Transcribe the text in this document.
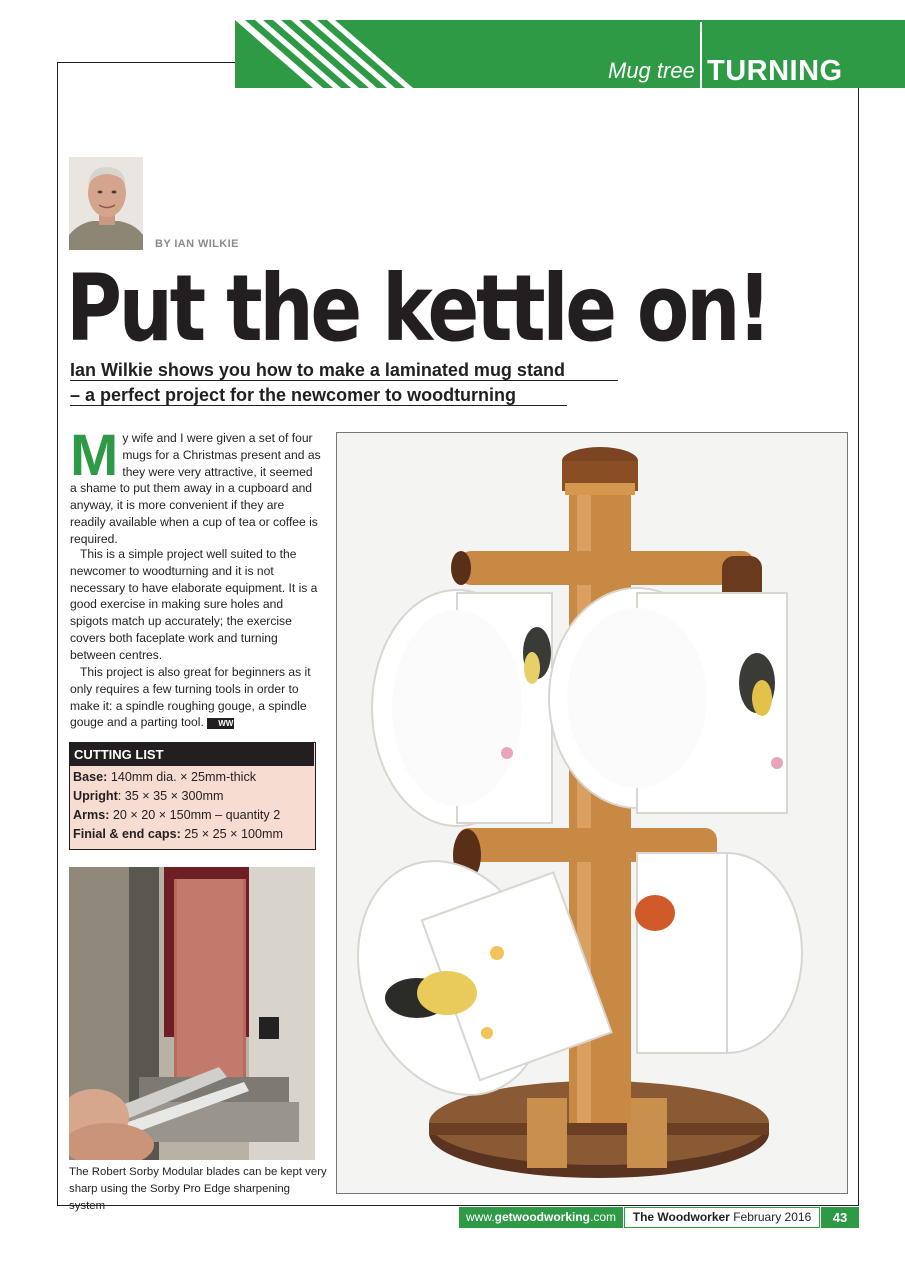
Mug tree TURNING
BY IAN WILKIE
Put the kettle on!
Ian Wilkie shows you how to make a laminated mug stand
– a perfect project for the newcomer to woodturning
My wife and I were given a set of four mugs for a Christmas present and as they were very attractive, it seemed a shame to put them away in a cupboard and anyway, it is more convenient if they are readily available when a cup of tea or coffee is required.
This is a simple project well suited to the newcomer to woodturning and it is not necessary to have elaborate equipment. It is a good exercise in making sure holes and spigots match up accurately; the exercise covers both faceplate work and turning between centres.
This project is also great for beginners as it only requires a few turning tools in order to make it: a spindle roughing gouge, a spindle gouge and a parting tool. WW
CUTTING LIST
Base: 140mm dia. × 25mm-thick
Upright: 35 × 35 × 300mm
Arms: 20 × 20 × 150mm – quantity 2
Finial & end caps: 25 × 25 × 100mm
The Robert Sorby Modular blades can be kept very
sharp using the Sorby Pro Edge sharpening system
www.getwoodworking.com	The Woodworker February 2016	43
